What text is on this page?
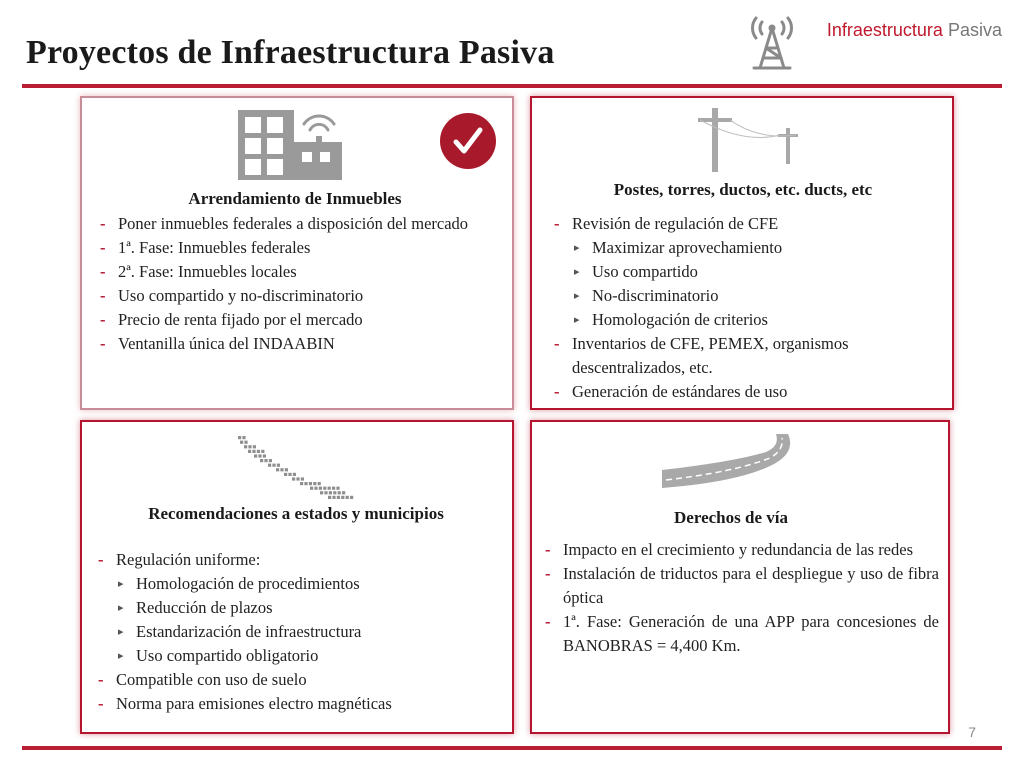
Proyectos de Infraestructura Pasiva
Infraestructura Pasiva
Arrendamiento de Inmuebles
- Poner inmuebles federales a disposición del mercado
- 1ª. Fase: Inmuebles federales
- 2ª. Fase: Inmuebles locales
- Uso compartido y no-discriminatorio
- Precio de renta fijado por el mercado
- Ventanilla única del INDAABIN
Postes, torres, ductos, etc. ducts, etc
- Revisión de regulación de CFE
▸ Maximizar aprovechamiento
▸ Uso compartido
▸ No-discriminatorio
▸ Homologación de criterios
- Inventarios de CFE, PEMEX, organismos descentralizados, etc.
- Generación de estándares de uso
Recomendaciones a estados y municipios
- Regulación uniforme:
▸ Homologación de procedimientos
▸ Reducción de plazos
▸ Estandarización de infraestructura
▸ Uso compartido obligatorio
- Compatible con uso de suelo
- Norma para emisiones electro magnéticas
Derechos de vía
- Impacto en el crecimiento y redundancia de las redes
- Instalación de triductos para el despliegue y uso de fibra óptica
- 1ª. Fase: Generación de una APP para concesiones de BANOBRAS = 4,400 Km.
7
